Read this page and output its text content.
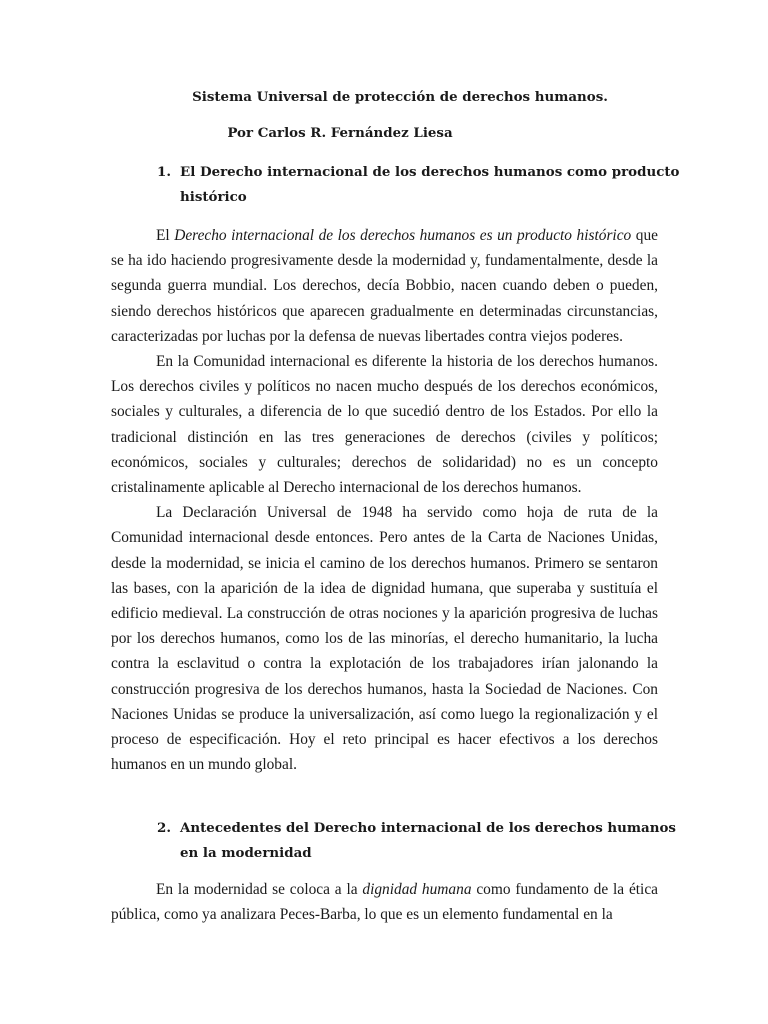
Sistema Universal de protección de derechos humanos.
Por Carlos R. Fernández Liesa
1. El Derecho internacional de los derechos humanos como producto
histórico

El Derecho internacional de los derechos humanos es un producto histórico que se ha ido haciendo progresivamente desde la modernidad y, fundamentalmente, desde la segunda guerra mundial. Los derechos, decía Bobbio, nacen cuando deben o pueden, siendo derechos históricos que aparecen gradualmente en determinadas circunstancias, caracterizadas por luchas por la defensa de nuevas libertades contra viejos poderes.

En la Comunidad internacional es diferente la historia de los derechos humanos. Los derechos civiles y políticos no nacen mucho después de los derechos económicos, sociales y culturales, a diferencia de lo que sucedió dentro de los Estados. Por ello la tradicional distinción en las tres generaciones de derechos (civiles y políticos; económicos, sociales y culturales; derechos de solidaridad) no es un concepto cristalinamente aplicable al Derecho internacional de los derechos humanos.

La Declaración Universal de 1948 ha servido como hoja de ruta de la Comunidad internacional desde entonces. Pero antes de la Carta de Naciones Unidas, desde la modernidad, se inicia el camino de los derechos humanos. Primero se sentaron las bases, con la aparición de la idea de dignidad humana, que superaba y sustituía el edificio medieval. La construcción de otras nociones y la aparición progresiva de luchas por los derechos humanos, como los de las minorías, el derecho humanitario, la lucha contra la esclavitud o contra la explotación de los trabajadores irían jalonando la construcción progresiva de los derechos humanos, hasta la Sociedad de Naciones. Con Naciones Unidas se produce la universalización, así como luego la regionalización y el proceso de especificación. Hoy el reto principal es hacer efectivos a los derechos humanos en un mundo global.

2. Antecedentes del Derecho internacional de los derechos humanos
en la modernidad

En la modernidad se coloca a la dignidad humana como fundamento de la ética pública, como ya analizara Peces-Barba, lo que es un elemento fundamental en la
